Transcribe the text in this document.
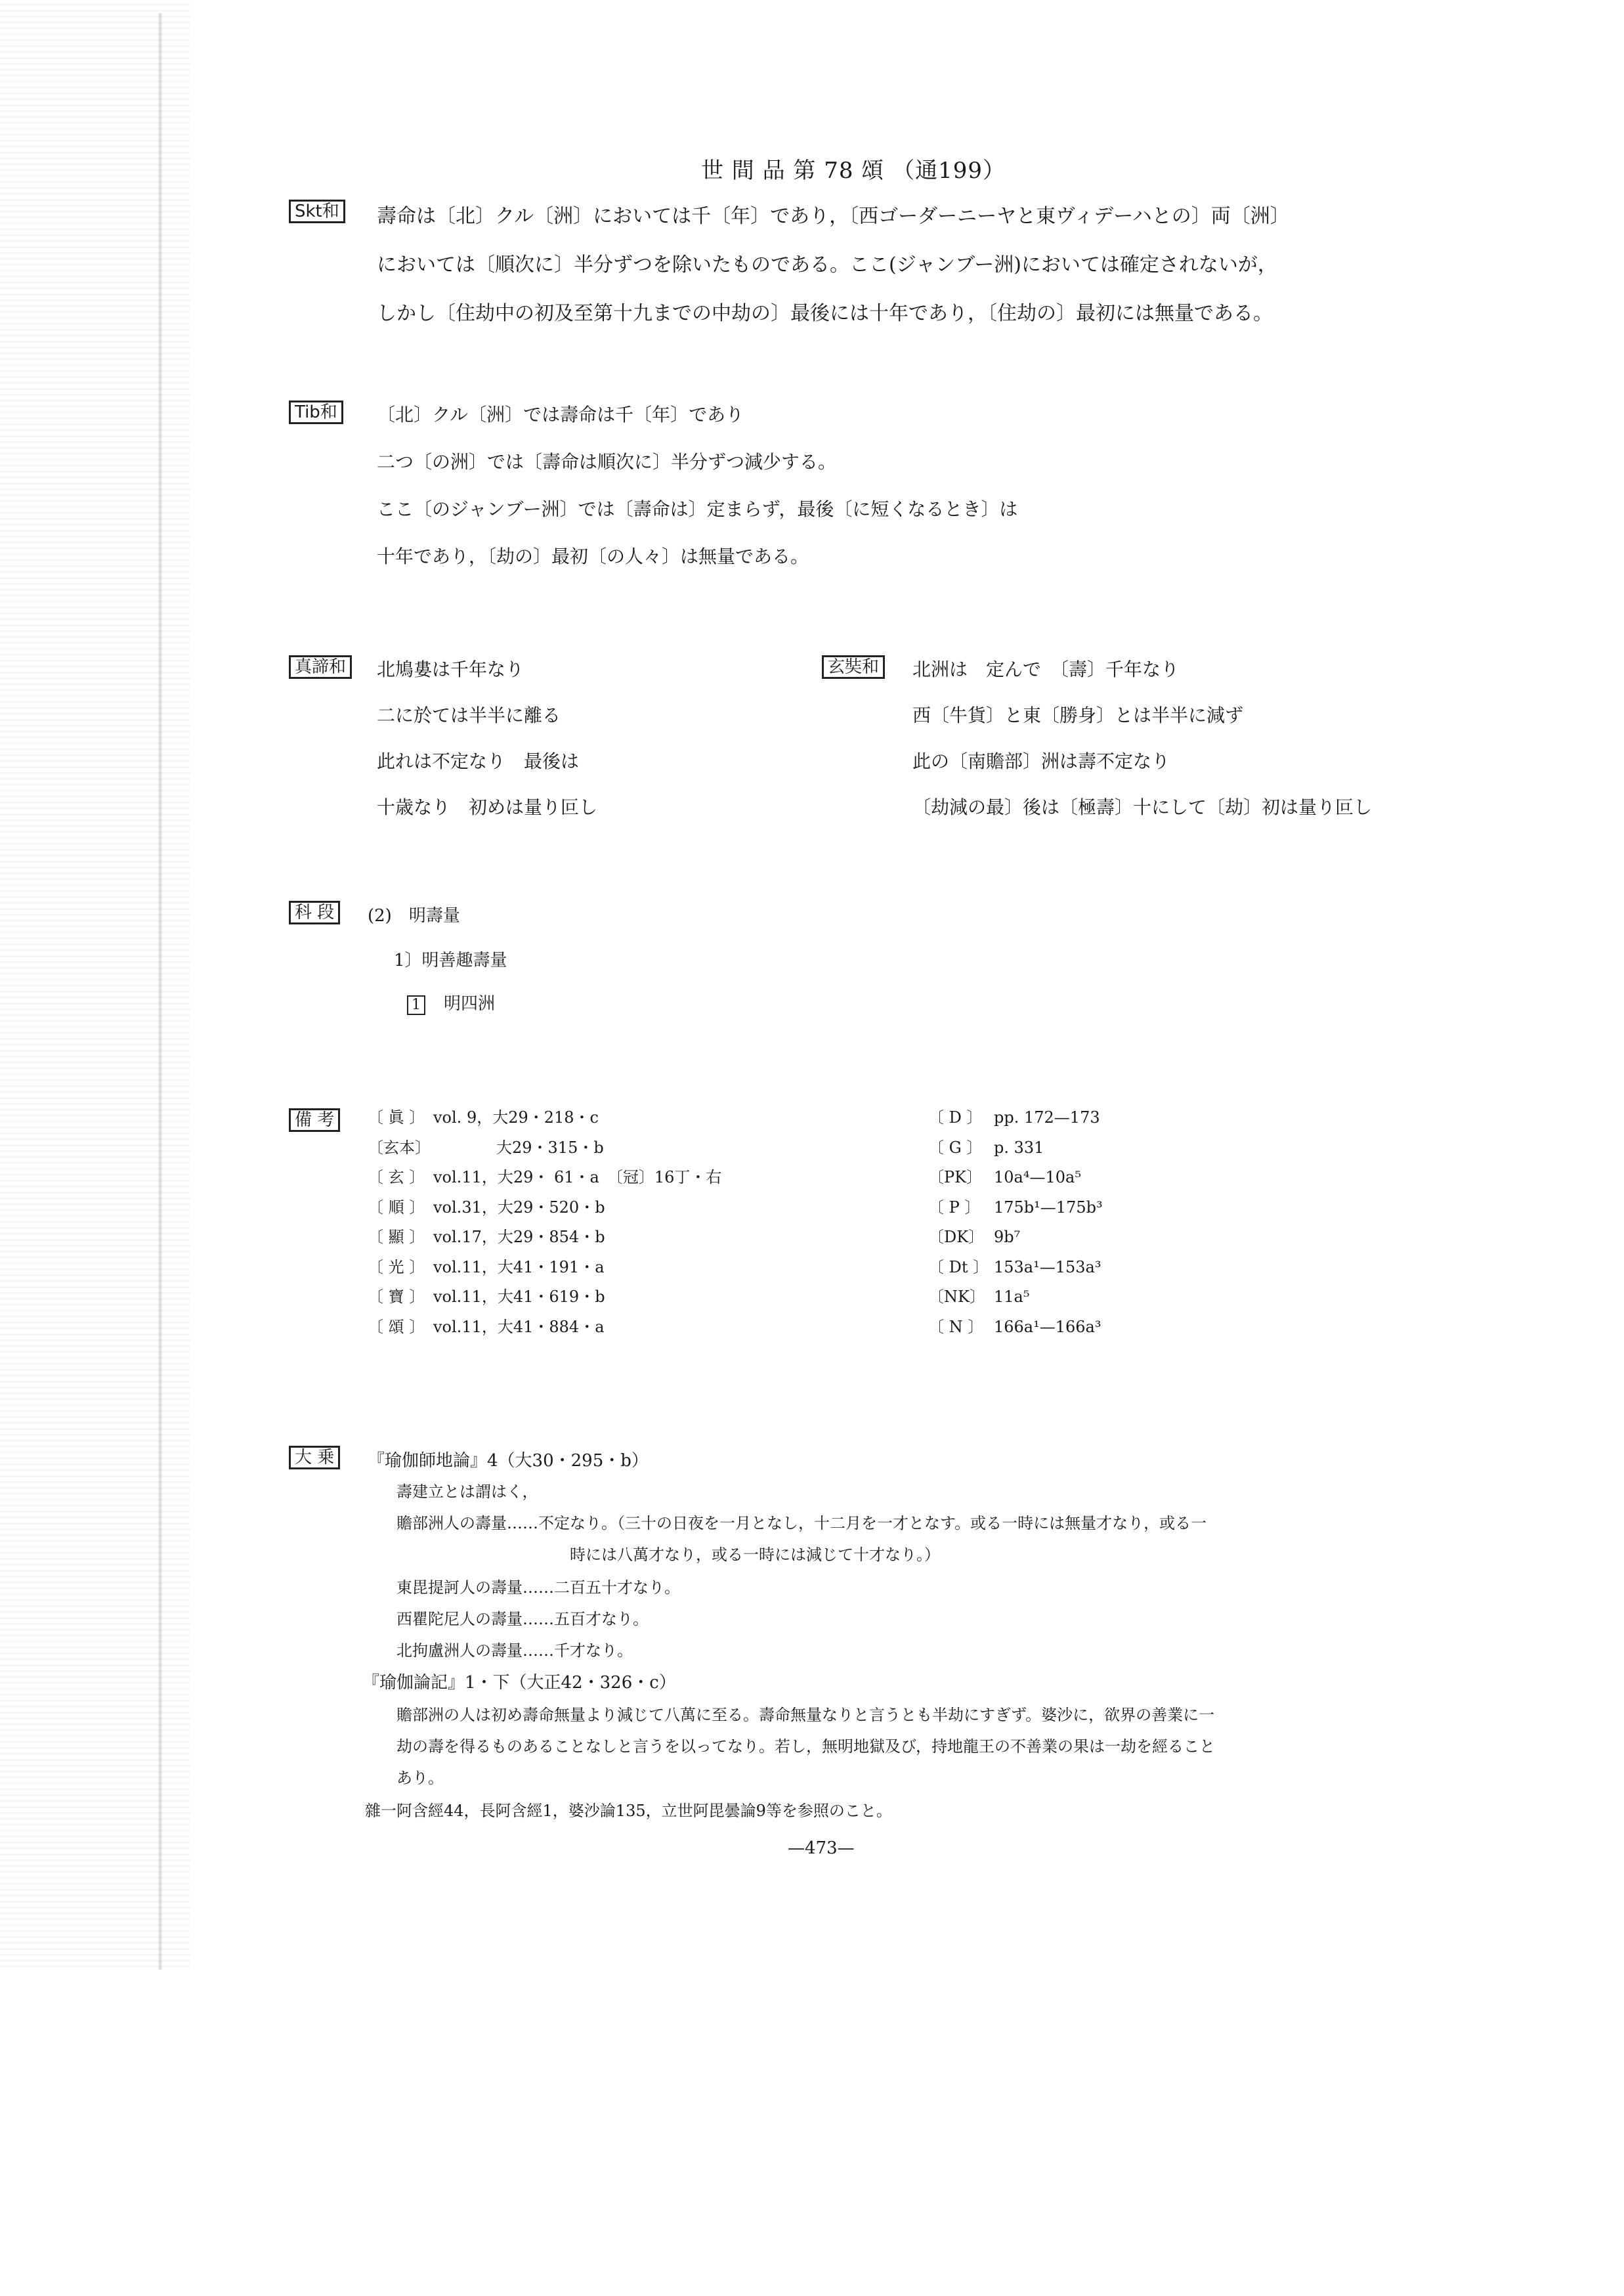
世 間 品 第 78 頌 （通199）
Skt和	壽命は〔北〕クル〔洲〕においては千〔年〕であり，〔西ゴーダーニーヤと東ヴィデーハとの〕両〔洲〕
においては〔順次に〕半分ずつを除いたものである。ここ(ジャンブー洲)においては確定されないが，
しかし〔住劫中の初及至第十九までの中劫の〕最後には十年であり，〔住劫の〕最初には無量である。
Tib和	〔北〕クル〔洲〕では壽命は千〔年〕であり
二つ〔の洲〕では〔壽命は順次に〕半分ずつ減少する。
ここ〔のジャンブー洲〕では〔壽命は〕定まらず，最後〔に短くなるとき〕は
十年であり，〔劫の〕最初〔の人々〕は無量である。
真諦和	北鳩婁は千年なり
二に於ては半半に離る
此れは不定なり　最後は
十歳なり　初めは量り叵し
玄奘和	北洲は　定んで　〔壽〕千年なり
西〔牛貨〕と東〔勝身〕とは半半に減ず
此の〔南贍部〕洲は壽不定なり
〔劫減の最〕後は〔極壽〕十にして〔劫〕初は量り叵し
科 段	(2)　明壽量
1〕明善趣壽量
1 明四洲
備 考	〔 眞 〕 vol. 9，大29・218・c
〔玄本〕　　　　大29・315・b
〔 玄 〕 vol.11，大29・ 61・a　〔冠〕16丁・右
〔 順 〕 vol.31，大29・520・b
〔 顯 〕 vol.17，大29・854・b
〔 光 〕 vol.11，大41・191・a
〔 寶 〕 vol.11，大41・619・b
〔 頌 〕 vol.11，大41・884・a
〔 D 〕 pp. 172—173
〔 G 〕 p. 331
〔PK〕 10a⁴—10a⁵
〔 P 〕 175b¹—175b³
〔DK〕 9b⁷
〔 Dt 〕 153a¹—153a³
〔NK〕 11a⁵
〔 N 〕 166a¹—166a³
大 乗	『瑜伽師地論』4（大30・295・b）
壽建立とは謂はく，
贍部洲人の壽量……不定なり。（三十の日夜を一月となし，十二月を一才となす。或る一時には無量才なり，或る一
時には八萬才なり，或る一時には減じて十才なり。）
東毘提訶人の壽量……二百五十才なり。
西瞿陀尼人の壽量……五百才なり。
北拘盧洲人の壽量……千才なり。
『瑜伽論記』1・下（大正42・326・c）
贍部洲の人は初め壽命無量より減じて八萬に至る。壽命無量なりと言うとも半劫にすぎず。婆沙に，欲界の善業に一
劫の壽を得るものあることなしと言うを以ってなり。若し，無明地獄及び，持地龍王の不善業の果は一劫を經ること
あり。
雜一阿含經44，長阿含經1，婆沙論135，立世阿毘曇論9等を参照のこと。
—473—
